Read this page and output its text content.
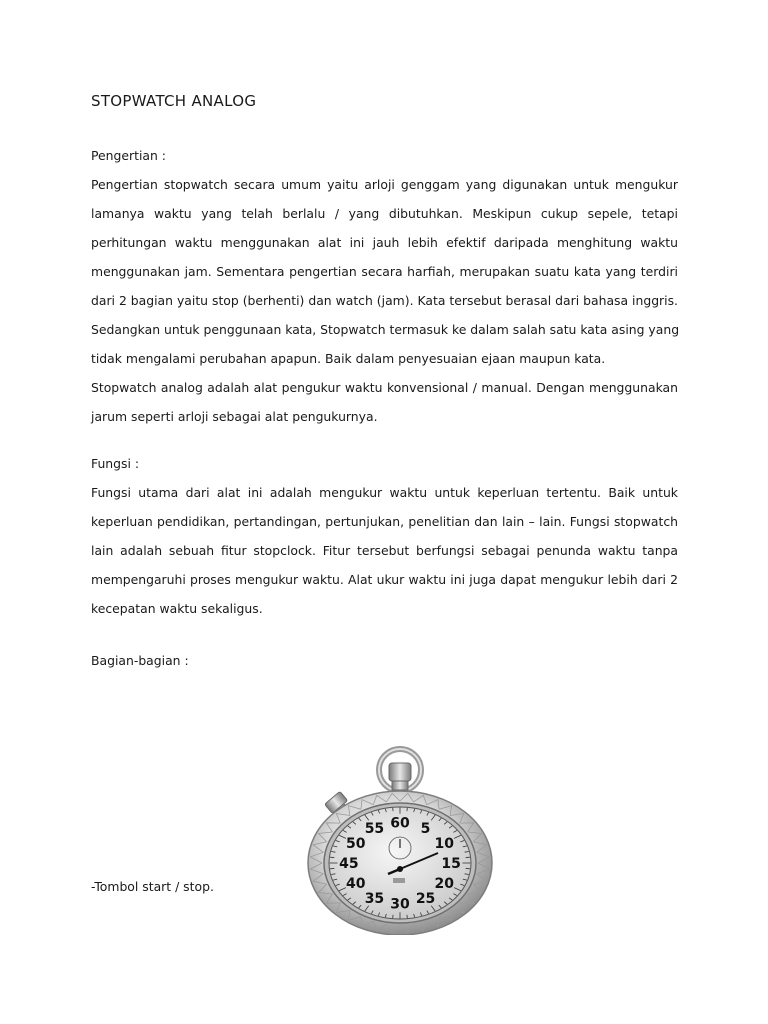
STOPWATCH ANALOG
Pengertian :
Pengertian stopwatch secara umum yaitu arloji genggam yang digunakan untuk mengukur
lamanya waktu yang telah berlalu / yang dibutuhkan. Meskipun cukup sepele, tetapi
perhitungan waktu menggunakan alat ini jauh lebih efektif daripada menghitung waktu
menggunakan jam. Sementara pengertian secara harfiah, merupakan suatu kata yang terdiri
dari 2 bagian yaitu stop (berhenti) dan watch (jam). Kata tersebut berasal dari bahasa inggris.
Sedangkan untuk penggunaan kata, Stopwatch termasuk ke dalam salah satu kata asing yang
tidak mengalami perubahan apapun. Baik dalam penyesuaian ejaan maupun kata.
Stopwatch analog adalah alat pengukur waktu konvensional / manual. Dengan menggunakan
jarum seperti arloji sebagai alat pengukurnya.
Fungsi :
Fungsi utama dari alat ini adalah mengukur waktu untuk keperluan tertentu. Baik untuk
keperluan pendidikan, pertandingan, pertunjukan, penelitian dan lain – lain. Fungsi stopwatch
lain adalah sebuah fitur stopclock. Fitur tersebut berfungsi sebagai penunda waktu tanpa
mempengaruhi proses mengukur waktu. Alat ukur waktu ini juga dapat mengukur lebih dari 2
kecepatan waktu sekaligus.
Bagian-bagian :
-Tombol start / stop.
60 5
10
15
20
25
30
35
40
45
50
55
